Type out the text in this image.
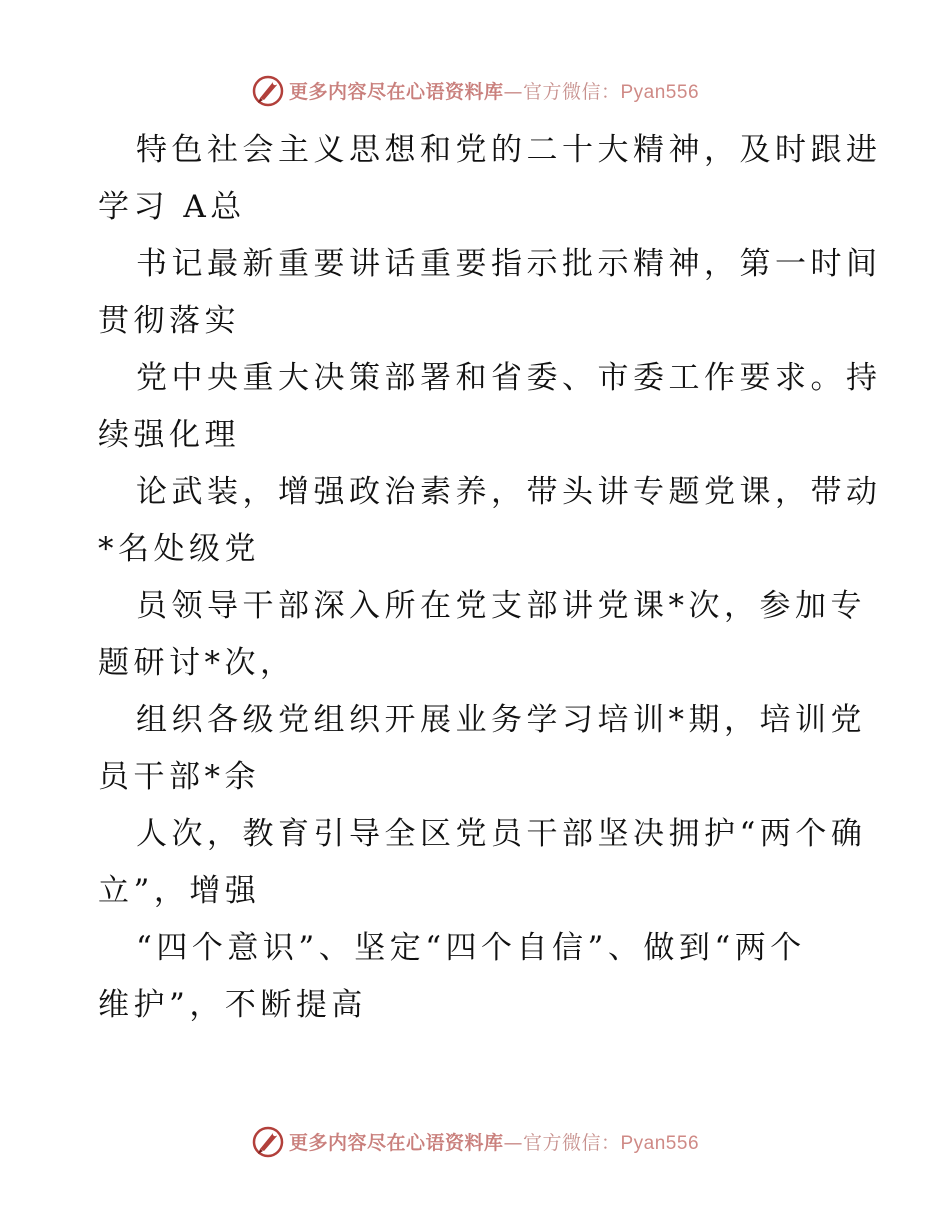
更多内容尽在心语资料库—官方微信：Pyan556
特色社会主义思想和党的二十大精神，及时跟进
学习 A总
书记最新重要讲话重要指示批示精神，第一时间
贯彻落实
党中央重大决策部署和省委、市委工作要求。持
续强化理
论武装，增强政治素养，带头讲专题党课，带动
*名处级党
员领导干部深入所在党支部讲党课*次，参加专
题研讨*次，
组织各级党组织开展业务学习培训*期，培训党
员干部*余
人次，教育引导全区党员干部坚决拥护“两个确
立”，增强
“四个意识”、坚定“四个自信”、做到“两个
维护”，不断提高
更多内容尽在心语资料库—官方微信：Pyan556
